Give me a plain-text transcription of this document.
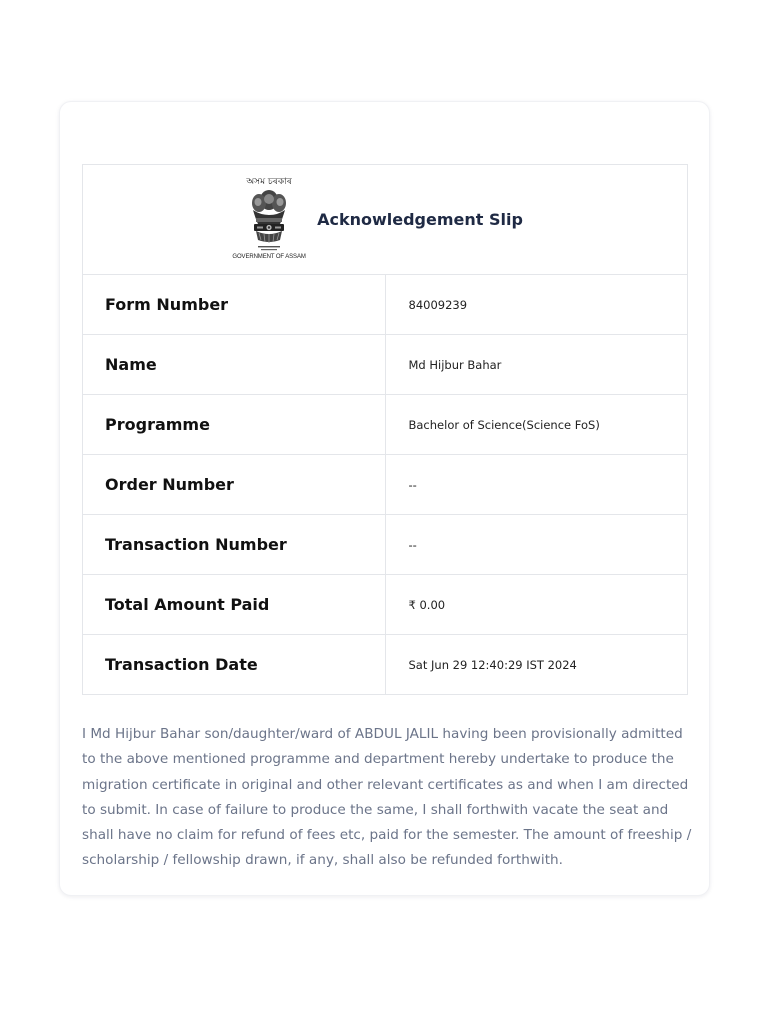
অসম চৰকাৰ
GOVERNMENT OF ASSAM
Acknowledgement Slip	

Form Number	84009239
Name	Md Hijbur Bahar
Programme	Bachelor of Science(Science FoS)
Order Number	--
Transaction Number	--
Total Amount Paid	₹ 0.00
Transaction Date	Sat Jun 29 12:40:29 IST 2024

I Md Hijbur Bahar son/daughter/ward of ABDUL JALIL having been provisionally admitted to the above mentioned programme and department hereby undertake to produce the migration certificate in original and other relevant certificates as and when I am directed to submit. In case of failure to produce the same, I shall forthwith vacate the seat and shall have no claim for refund of fees etc, paid for the semester. The amount of freeship / scholarship / fellowship drawn, if any, shall also be refunded forthwith.
